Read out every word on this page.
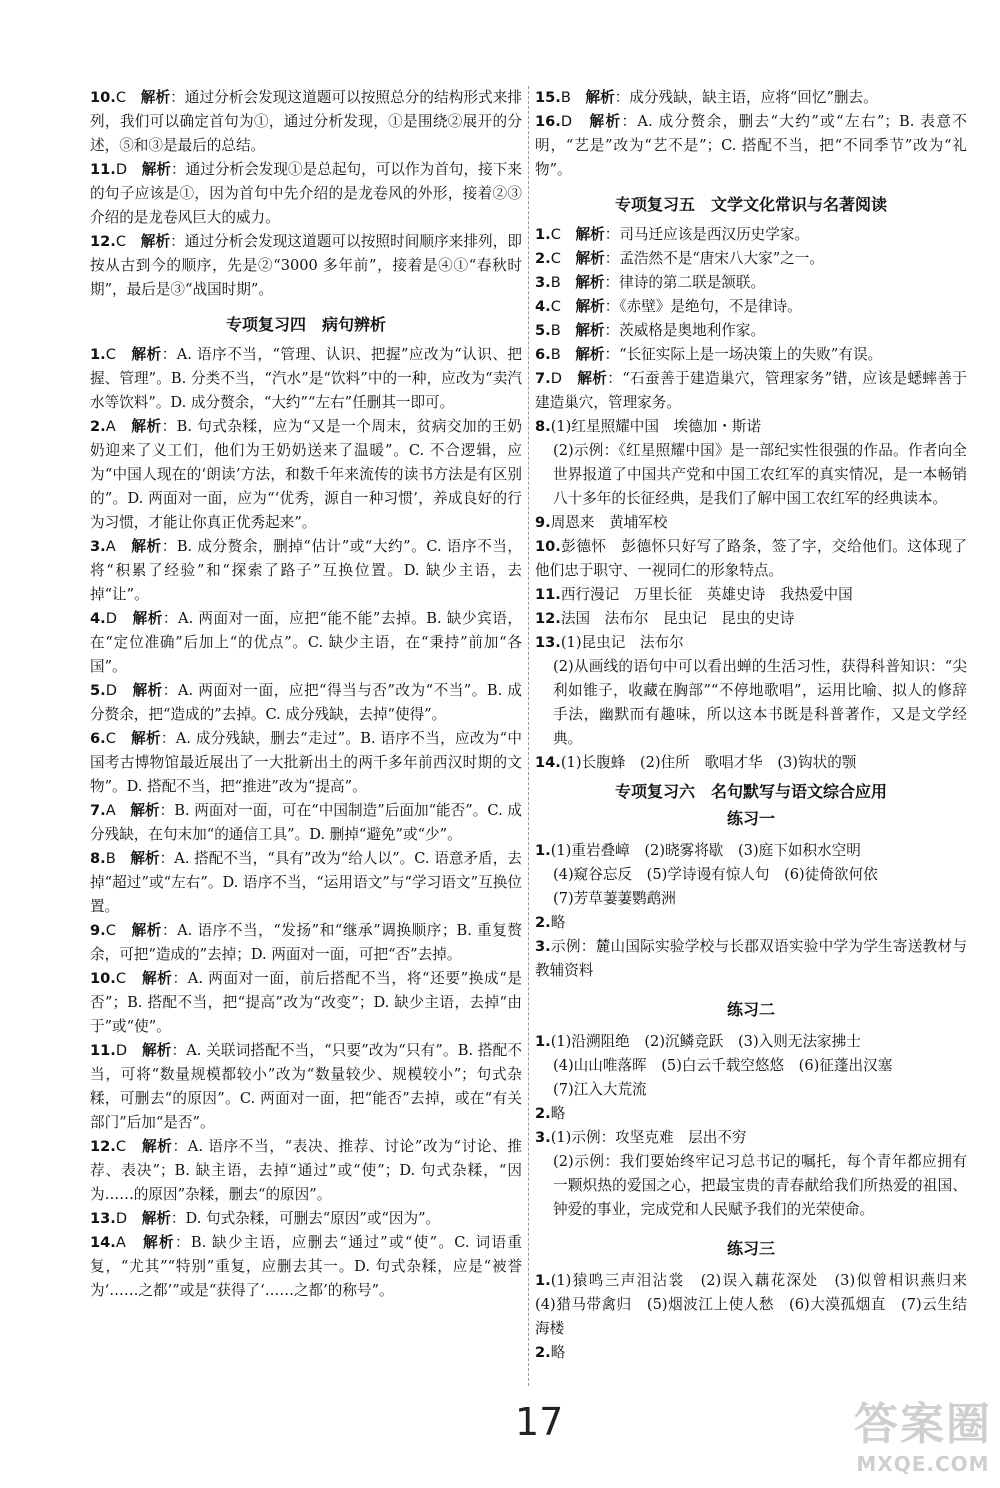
10.C　 解析：通过分析会发现这道题可以按照总分的结构形式来排列，我们可以确定首句为①，通过分析发现，①是围绕②展开的分述，⑤和③是最后的总结。
11.D　 解析：通过分析会发现①是总起句，可以作为首句，接下来的句子应该是①，因为首句中先介绍的是龙卷风的外形，接着②③介绍的是龙卷风巨大的威力。
12.C　 解析：通过分析会发现这道题可以按照时间顺序来排列，即按从古到今的顺序，先是②“3000 多年前”，接着是④①“春秋时期”，最后是③“战国时期”。
专项复习四　病句辨析
1.C　 解析：A. 语序不当，“管理、认识、把握”应改为“认识、把握、管理”。B. 分类不当，“汽水”是“饮料”中的一种，应改为“卖汽水等饮料”。D. 成分赘余，“大约”“左右”任删其一即可。
2.A　 解析：B. 句式杂糅，应为“又是一个周末，贫病交加的王奶奶迎来了义工们，他们为王奶奶送来了温暖”。C. 不合逻辑，应为“中国人现在的‘朗读’方法，和数千年来流传的读书方法是有区别的”。D. 两面对一面，应为“‘优秀，源自一种习惯’，养成良好的行为习惯，才能让你真正优秀起来”。
3.A　 解析：B. 成分赘余，删掉“估计”或“大约”。C. 语序不当，将“积累了经验”和“探索了路子”互换位置。D. 缺少主语，去掉“让”。
4.D　 解析：A. 两面对一面，应把“能不能”去掉。B. 缺少宾语，在“定位准确”后加上“的优点”。C. 缺少主语，在“秉持”前加“各国”。
5.D　 解析：A. 两面对一面，应把“得当与否”改为“不当”。B. 成分赘余，把“造成的”去掉。C. 成分残缺，去掉“使得”。
6.C　 解析：A. 成分残缺，删去“走过”。B. 语序不当，应改为“中国考古博物馆最近展出了一大批新出土的两千多年前西汉时期的文物”。D. 搭配不当，把“推进”改为“提高”。
7.A　 解析：B. 两面对一面，可在“中国制造”后面加“能否”。C. 成分残缺，在句末加“的通信工具”。D. 删掉“避免”或“少”。
8.B　 解析：A. 搭配不当，“具有”改为“给人以”。C. 语意矛盾，去掉“超过”或“左右”。D. 语序不当，“运用语文”与“学习语文”互换位置。
9.C　 解析：A. 语序不当，“发扬”和“继承”调换顺序；B. 重复赘余，可把“造成的”去掉；D. 两面对一面，可把“否”去掉。
10.C　 解析：A. 两面对一面，前后搭配不当，将“还要”换成“是否”；B. 搭配不当，把“提高”改为“改变”；D. 缺少主语，去掉“由于”或“使”。
11.D　 解析：A. 关联词搭配不当，“只要”改为“只有”。B. 搭配不当，可将“数量规模都较小”改为“数量较少、规模较小”；句式杂糅，可删去“的原因”。C. 两面对一面，把“能否”去掉，或在“有关部门”后加“是否”。
12.C　 解析：A. 语序不当，“表决、推荐、讨论”改为“讨论、推荐、表决”；B. 缺主语，去掉“通过”或“使”；D. 句式杂糅，“因为……的原因”杂糅，删去“的原因”。
13.D　 解析：D. 句式杂糅，可删去“原因”或“因为”。
14.A　 解析：B. 缺少主语，应删去“通过”或“使”。C. 词语重复，“尤其”“特别”重复，应删去其一。D. 句式杂糅，应是“被誉为‘……之都’”或是“获得了‘……之都’的称号”。
15.B　 解析：成分残缺，缺主语，应将“回忆”删去。
16.D　 解析：A. 成分赘余，删去“大约”或“左右”；B. 表意不明，“艺是”改为“艺不是”；C. 搭配不当，把“不同季节”改为“礼物”。
专项复习五　文学文化常识与名著阅读
1.C　 解析：司马迁应该是西汉历史学家。
2.C　 解析：孟浩然不是“唐宋八大家”之一。
3.B　 解析：律诗的第二联是颔联。
4.C　 解析：《赤壁》是绝句，不是律诗。
5.B　 解析：茨威格是奥地利作家。
6.B　 解析：“长征实际上是一场决策上的失败”有误。
7.D　 解析：“石蚕善于建造巢穴，管理家务”错，应该是蟋蟀善于建造巢穴，管理家务。
8.(1)红星照耀中国　埃德加・斯诺
(2)示例：《红星照耀中国》是一部纪实性很强的作品。作者向全世界报道了中国共产党和中国工农红军的真实情况，是一本畅销八十多年的长征经典，是我们了解中国工农红军的经典读本。
9.周恩来　黄埔军校
10.彭德怀　彭德怀只好写了路条，签了字，交给他们。这体现了他们忠于职守、一视同仁的形象特点。
11.西行漫记　万里长征　英雄史诗　我热爱中国
12.法国　法布尔　昆虫记　昆虫的史诗
13.(1)昆虫记　法布尔
(2)从画线的语句中可以看出蝉的生活习性，获得科普知识：“尖利如锥子，收藏在胸部”“不停地歌唱”，运用比喻、拟人的修辞手法，幽默而有趣味，所以这本书既是科普著作，又是文学经典。
14.(1)长腹蜂　(2)住所　歌唱才华　(3)钩状的颚
专项复习六　名句默写与语文综合应用
练习一
1.(1)重岩叠嶂　(2)晓雾将歇　(3)庭下如积水空明
(4)窥谷忘反　(5)学诗谩有惊人句　(6)徒倚欲何依
(7)芳草萋萋鹦鹉洲
2.略
3.示例：麓山国际实验学校与长郡双语实验中学为学生寄送教材与教辅资料
练习二
1.(1)沿溯阻绝　(2)沉鳞竞跃　(3)入则无法家拂士
(4)山山唯落晖　(5)白云千载空悠悠　(6)征蓬出汉塞
(7)江入大荒流
2.略
3.(1)示例：攻坚克难　层出不穷
(2)示例：我们要始终牢记习总书记的嘱托，每个青年都应拥有一颗炽热的爱国之心，把最宝贵的青春献给我们所热爱的祖国、钟爱的事业，完成党和人民赋予我们的光荣使命。
练习三
1.(1)猿鸣三声泪沾裳　(2)误入藕花深处　(3)似曾相识燕归来　(4)猎马带禽归　(5)烟波江上使人愁　(6)大漠孤烟直　(7)云生结海楼
2.略
17	答案圈
MXQE.COM
